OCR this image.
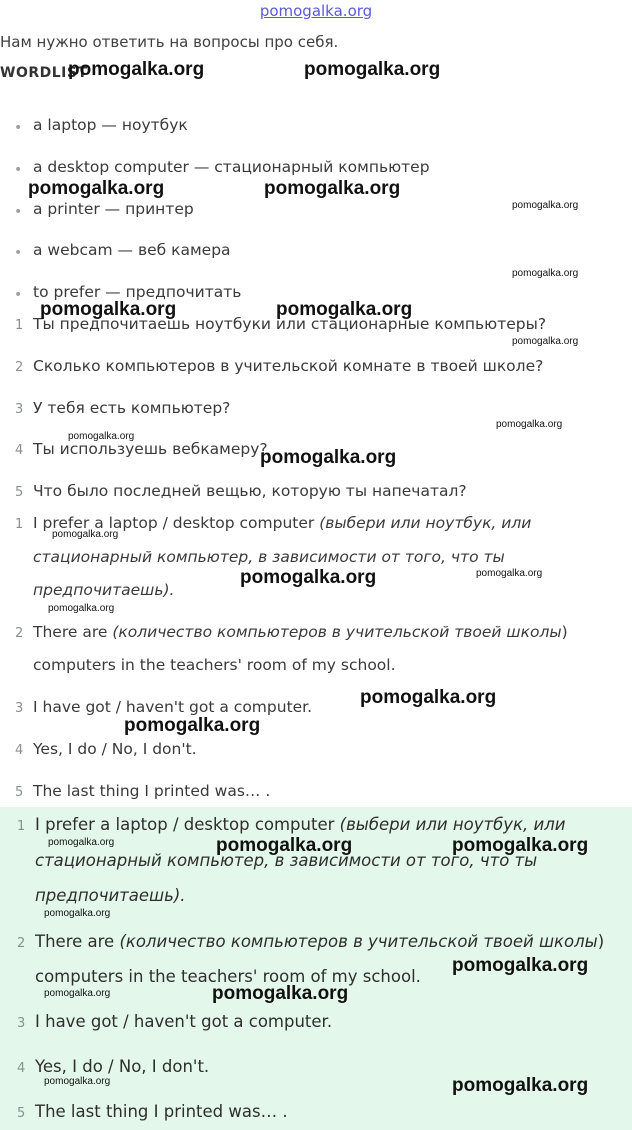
pomogalka.org
Нам нужно ответить на вопросы про себя.
WORDLIST
• a laptop — ноутбук
• a desktop computer — стационарный компьютер
• a printer — принтер
• a webcam — веб камера
• to prefer — предпочитать
1 Ты предпочитаешь ноутбуки или стационарные компьютеры?
2 Сколько компьютеров в учительской комнате в твоей школе?
3 У тебя есть компьютер?
4 Ты используешь вебкамеру?
5 Что было последней вещью, которую ты напечатал?
1 I prefer a laptop / desktop computer (выбери или ноутбук, или
стационарный компьютер, в зависимости от того, что ты
предпочитаешь).
2 There are (количество компьютеров в учительской твоей школы)
computers in the teachers' room of my school.
3 I have got / haven't got a computer.
4 Yes, I do / No, I don't.
5 The last thing I printed was… .
1 I prefer a laptop / desktop computer (выбери или ноутбук, или
стационарный компьютер, в зависимости от того, что ты
предпочитаешь).
2 There are (количество компьютеров в учительской твоей школы)
computers in the teachers' room of my school.
3 I have got / haven't got a computer.
4 Yes, I do / No, I don't.
5 The last thing I printed was… .
pomogalka.org	pomogalka.org
pomogalka.org	pomogalka.org
pomogalka.org
pomogalka.org
pomogalka.org	pomogalka.org
pomogalka.org
pomogalka.org
pomogalka.org
pomogalka.org
pomogalka.org
pomogalka.org	pomogalka.org
pomogalka.org
pomogalka.org
pomogalka.org
pomogalka.org	pomogalka.org	pomogalka.org
pomogalka.org
pomogalka.org
pomogalka.org	pomogalka.org
pomogalka.org	pomogalka.org
